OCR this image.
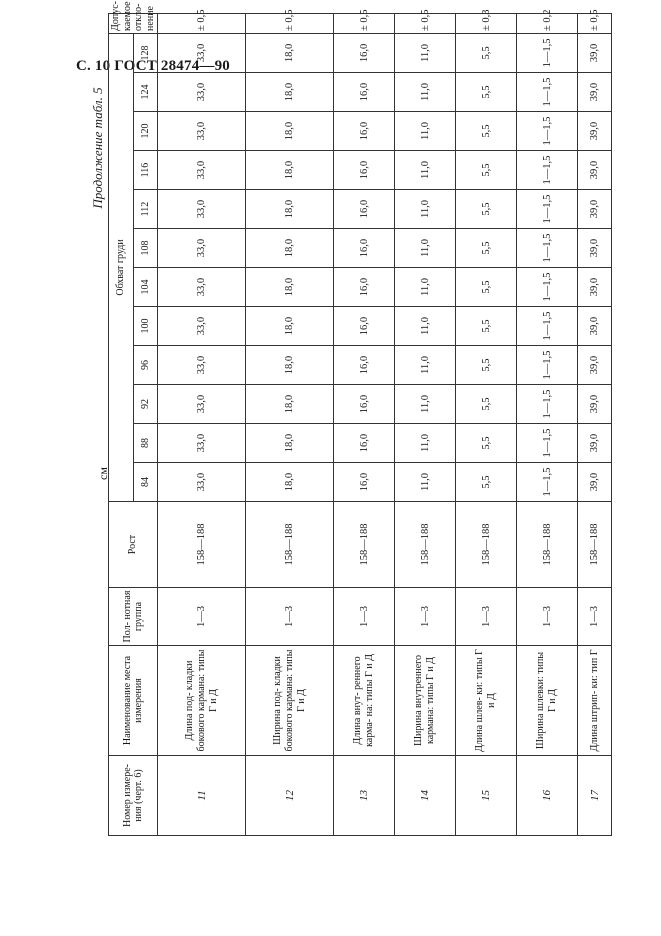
С. 10 ГОСТ 28474—90
см
Продолжение табл. 5
Номер измере- ния (черт. 6)	Наименование места измерения	Пол- нотная группа	Рост	Обхват груди												Допус- каемое откло- нение
				84	88	92	96	100	104	108	112	116	120	124	128	
11	Длина под- кладки бокового кармана: типы Г и Д	1—3	158—188	33,0	33,0	33,0	33,0	33,0	33,0	33,0	33,0	33,0	33,0	33,0	33,0	± 0,5
12	Ширина под- кладки бокового кармана: типы Г и Д	1—3	158—188	18,0	18,0	18,0	18,0	18,0	18,0	18,0	18,0	18,0	18,0	18,0	18,0	± 0,5
13	Длина внут- реннего карма- на: типы Г и Д	1—3	158—188	16,0	16,0	16,0	16,0	16,0	16,0	16,0	16,0	16,0	16,0	16,0	16,0	± 0,5
14	Ширина внутреннего кармана: типы Г и Д	1—3	158—188	11,0	11,0	11,0	11,0	11,0	11,0	11,0	11,0	11,0	11,0	11,0	11,0	± 0,5
15	Длина шлев- ки: типы Г и Д	1—3	158—188	5,5	5,5	5,5	5,5	5,5	5,5	5,5	5,5	5,5	5,5	5,5	5,5	± 0,3
16	Ширина шлевки: типы Г и Д	1—3	158—188	1—1,5	1—1,5	1—1,5	1—1,5	1—1,5	1—1,5	1—1,5	1—1,5	1—1,5	1—1,5	1—1,5	1—1,5	± 0,2
17	Длина штрип- ки: тип Г	1—3	158—188	39,0	39,0	39,0	39,0	39,0	39,0	39,0	39,0	39,0	39,0	39,0	39,0	± 0,5
